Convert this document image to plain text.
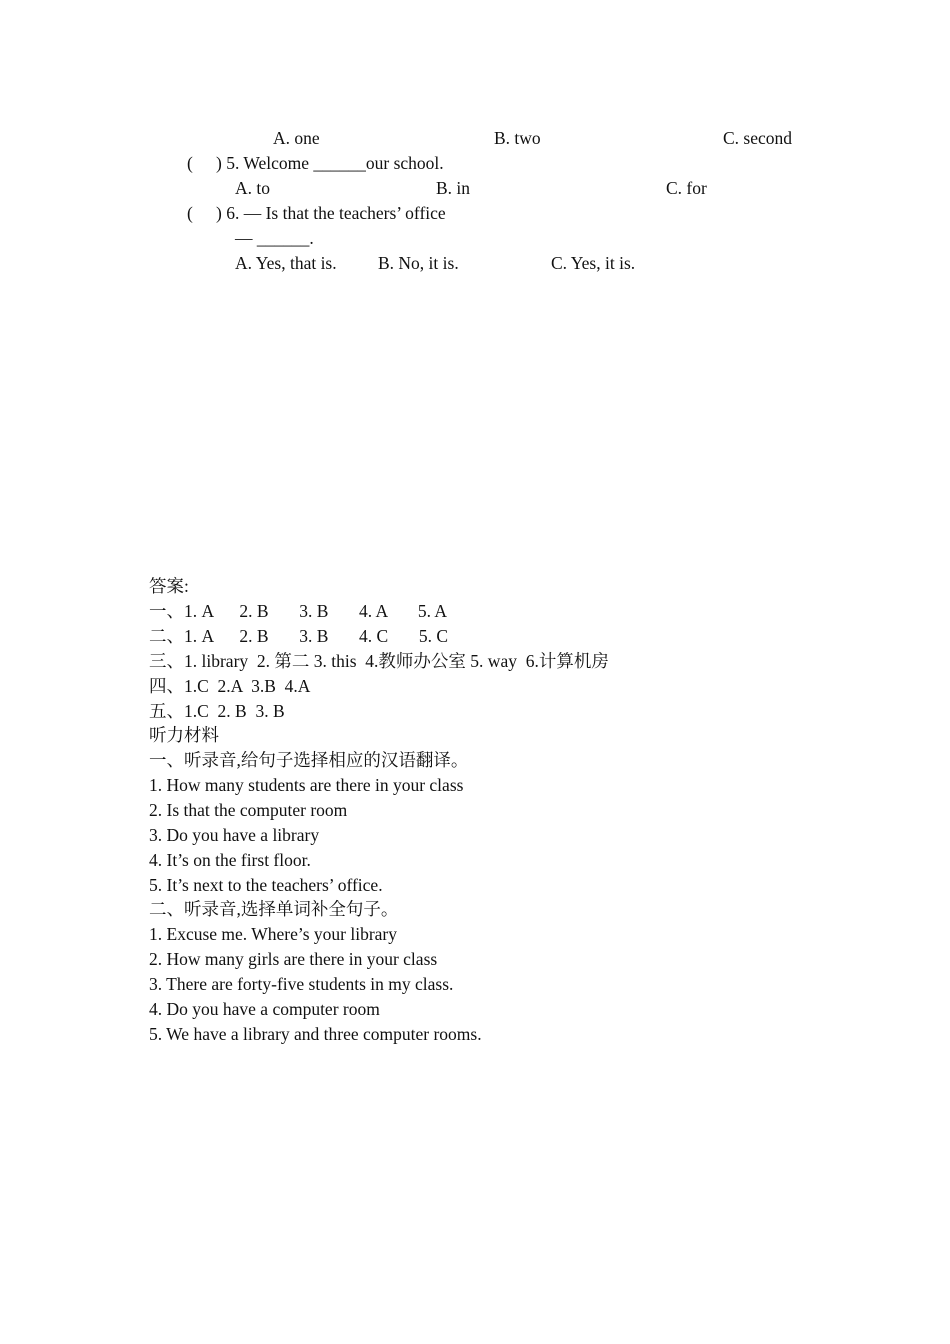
A. one	B. two	C. second
( ) 5. Welcome ______our school.
A. to	B. in	C. for
( ) 6. — Is that the teachers’ office
— ______.
A. Yes, that is. B. No, it is.	C. Yes, it is.
答案:
一、1. A      2. B       3. B       4. A       5. A
二、1. A      2. B       3. B       4. C       5. C
三、1. library  2. 第二 3. this  4.教师办公室 5. way  6.计算机房
四、1.C  2.A  3.B  4.A
五、1.C  2. B  3. B
听力材料
一、听录音,给句子选择相应的汉语翻译。
1. How many students are there in your class
2. Is that the computer room
3. Do you have a library
4. It’s on the first floor.
5. It’s next to the teachers’ office.
二、听录音,选择单词补全句子。
1. Excuse me. Where’s your library
2. How many girls are there in your class
3. There are forty-five students in my class.
4. Do you have a computer room
5. We have a library and three computer rooms.
